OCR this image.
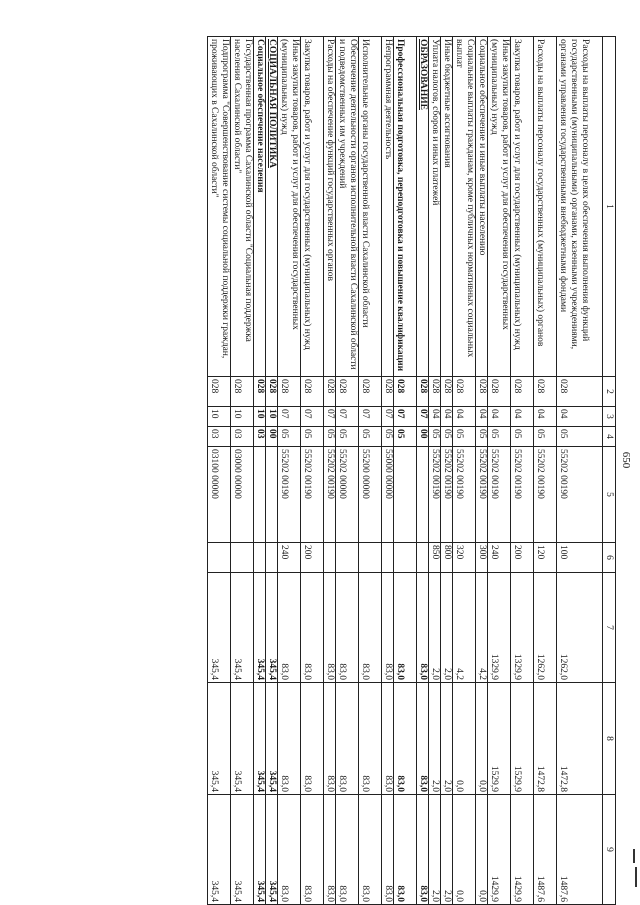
650
1	2	3	4	5	6	7	8	9
Расходы на выплаты персоналу в целях обеспечения выполнения функций государственными (муниципальными) органами, казенными учреждениями, органами управления государственными внебюджетными фондами	028	04	05	55202 00190	100	1262,0	1472,8	1487,6
Расходы на выплаты персоналу государственных (муниципальных) органов	028	04	05	55202 00190	120	1262,0	1472,8	1487,6
Закупка товаров, работ и услуг для государственных (муниципальных) нужд	028	04	05	55202 00190	200	1329,9	1529,9	1429,9
Иные закупки товаров, работ и услуг для обеспечения государственных (муниципальных) нужд	028	04	05	55202 00190	240	1329,9	1529,9	1429,9
Социальное обеспечение и иные выплаты населению	028	04	05	55202 00190	300	4,2	0,0	0,0
Социальные выплаты гражданам, кроме публичных нормативных социальных выплат	028	04	05	55202 00190	320	4,2	0,0	0,0
Иные бюджетные ассигнования	028	04	05	55202 00190	800	2,0	2,0	2,0
Уплата налогов, сборов и иных платежей	028	04	05	55202 00190	850	2,0	2,0	2,0
ОБРАЗОВАНИЕ	028	07	00			83,0	83,0	83,0
Профессиональная подготовка, переподготовка и повышение квалификации	028	07	05			83,0	83,0	83,0
Непрограммная деятельность	028	07	05	55000 00000		83,0	83,0	83,0
Исполнительные органы государственной власти Сахалинской области	028	07	05	55200 00000		83,0	83,0	83,0
Обеспечение деятельности органов исполнительной власти Сахалинской области и подведомственных им учреждений	028	07	05	55202 00000		83,0	83,0	83,0
Расходы на обеспечение функций государственных органов	028	07	05	55202 00190		83,0	83,0	83,0
Закупка товаров, работ и услуг для государственных (муниципальных) нужд	028	07	05	55202 00190	200	83,0	83,0	83,0
Иные закупки товаров, работ и услуг для обеспечения государственных (муниципальных) нужд	028	07	05	55202 00190	240	83,0	83,0	83,0
СОЦИАЛЬНАЯ ПОЛИТИКА	028	10	00			345,4	345,4	345,4
Социальное обеспечение населения	028	10	03			345,4	345,4	345,4
Государственная программа Сахалинской области "Социальная поддержка населения Сахалинской области"	028	10	03	03000 00000		345,4	345,4	345,4
Подпрограмма "Совершенствование системы социальной поддержки граждан, проживающих в Сахалинской области"	028	10	03	03100 00000		345,4	345,4	345,4
